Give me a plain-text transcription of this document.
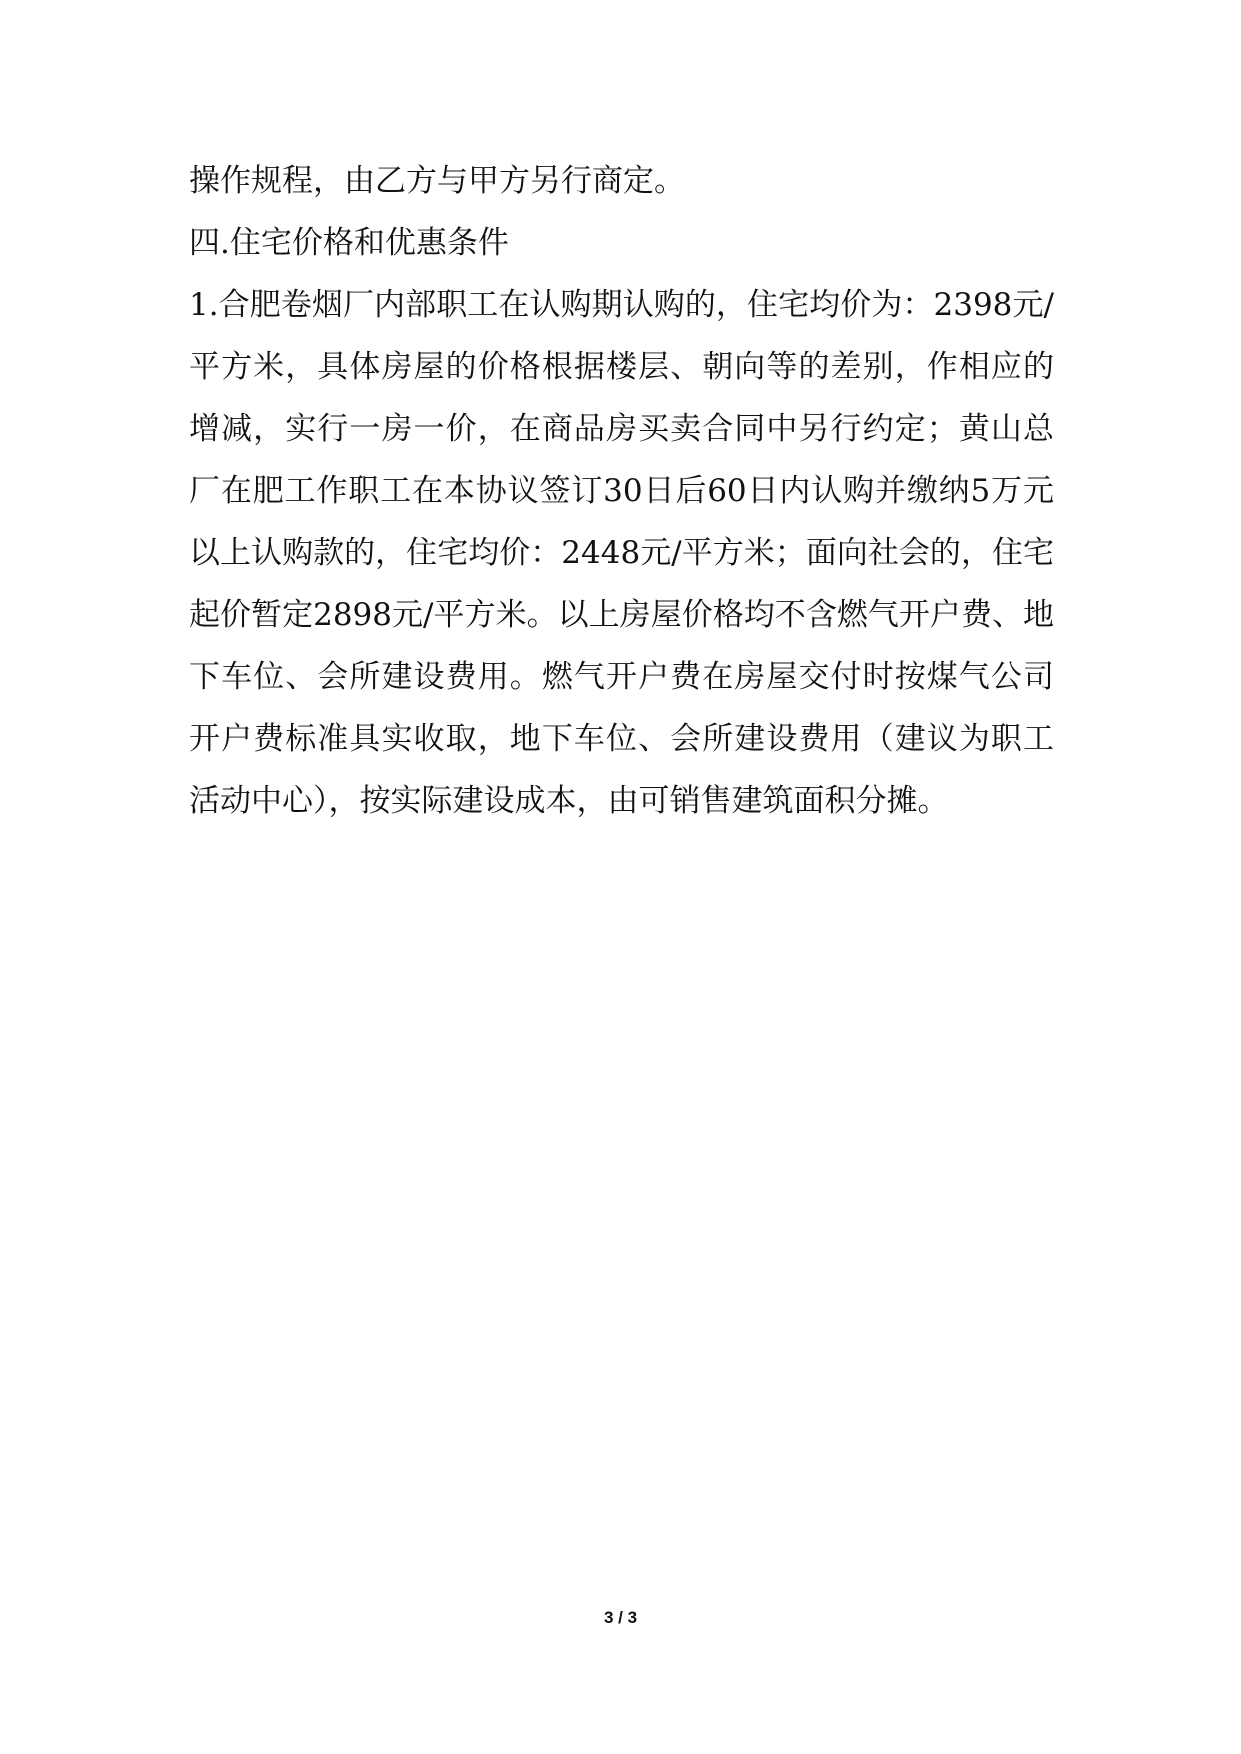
操作规程，由乙方与甲方另行商定。

四.住宅价格和优惠条件

1.合肥卷烟厂内部职工在认购期认购的，住宅均价为：2398元/平方米，具体房屋的价格根据楼层、朝向等的差别，作相应的增减，实行一房一价，在商品房买卖合同中另行约定；黄山总厂在肥工作职工在本协议签订30日后60日内认购并缴纳5万元以上认购款的，住宅均价：2448元/平方米；面向社会的，住宅起价暂定2898元/平方米。以上房屋价格均不含燃气开户费、地下车位、会所建设费用。燃气开户费在房屋交付时按煤气公司开户费标准具实收取，地下车位、会所建设费用（建议为职工活动中心），按实际建设成本，由可销售建筑面积分摊。

3 / 3
